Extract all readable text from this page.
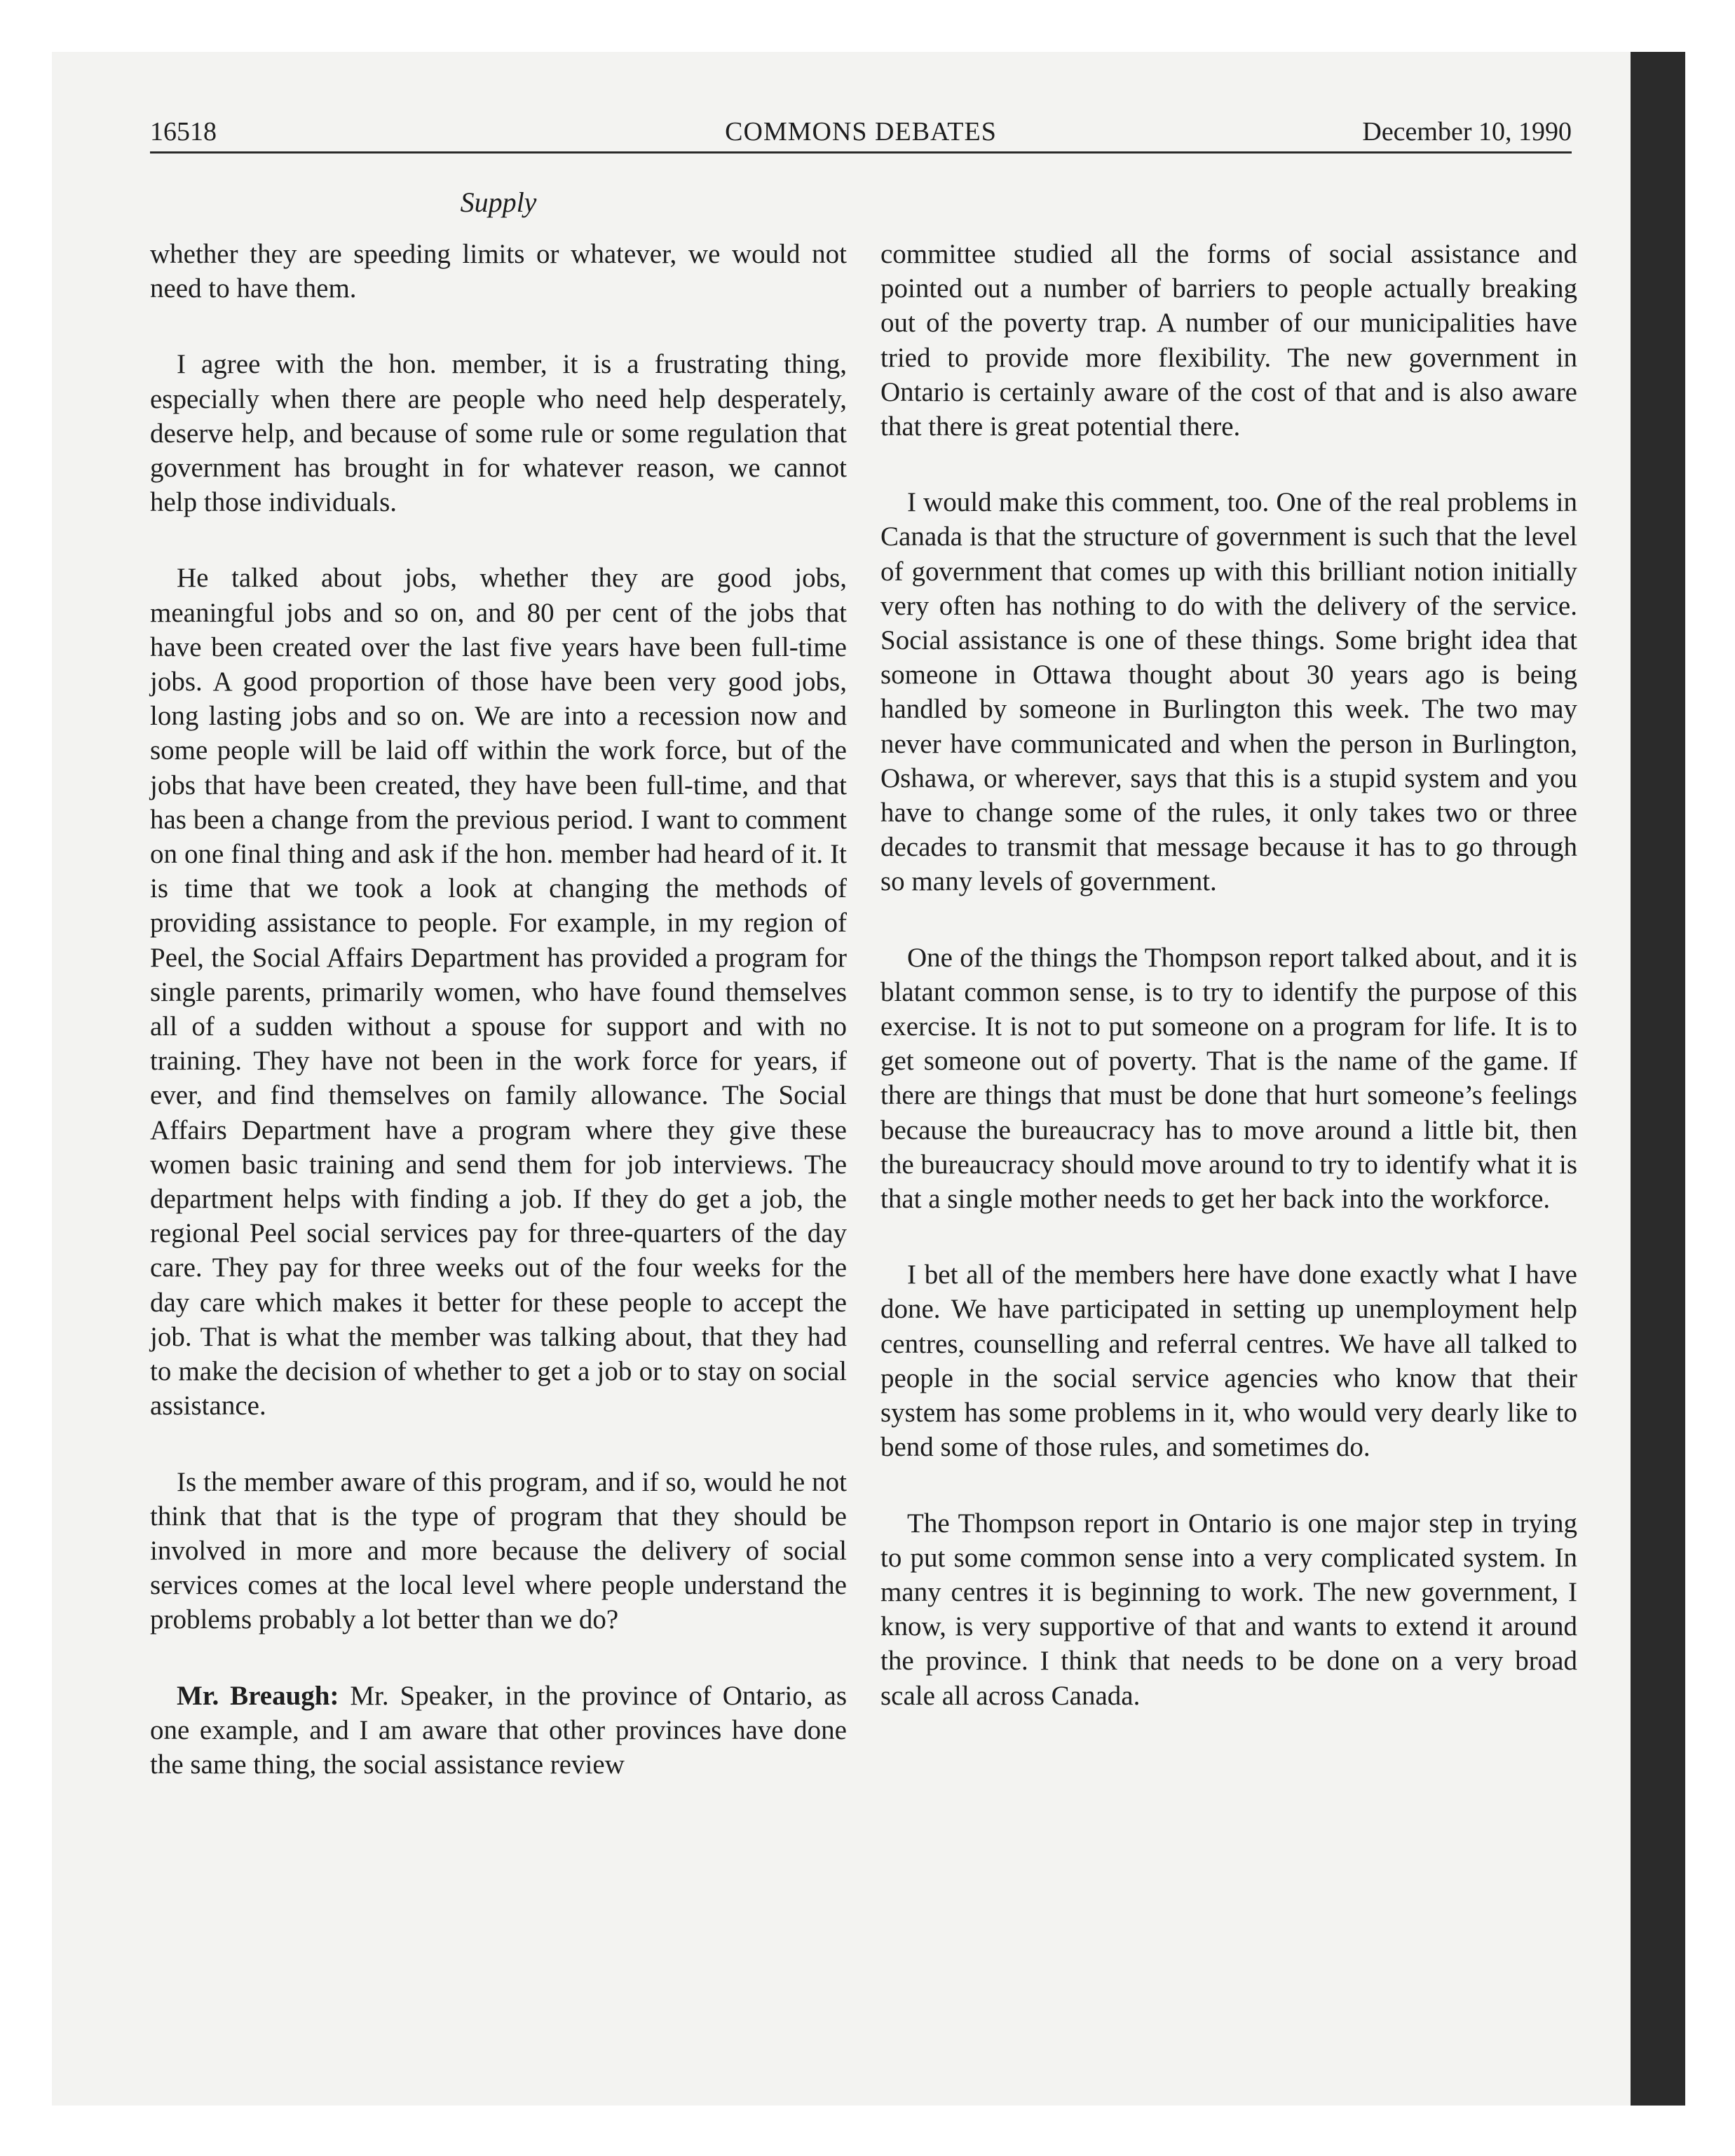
16518	COMMONS DEBATES	December 10, 1990
Supply

whether they are speeding limits or whatever, we would not need to have them.

I agree with the hon. member, it is a frustrating thing, especially when there are people who need help desperately, deserve help, and because of some rule or some regulation that government has brought in for whatever reason, we cannot help those individuals.

He talked about jobs, whether they are good jobs, meaningful jobs and so on, and 80 per cent of the jobs that have been created over the last five years have been full-time jobs. A good proportion of those have been very good jobs, long lasting jobs and so on. We are into a recession now and some people will be laid off within the work force, but of the jobs that have been created, they have been full-time, and that has been a change from the previous period. I want to comment on one final thing and ask if the hon. member had heard of it. It is time that we took a look at changing the methods of providing assistance to people. For example, in my region of Peel, the Social Affairs Department has provided a program for single parents, primarily women, who have found themselves all of a sudden without a spouse for support and with no training. They have not been in the work force for years, if ever, and find themselves on family allowance. The Social Affairs Department have a program where they give these women basic training and send them for job interviews. The department helps with finding a job. If they do get a job, the regional Peel social services pay for three-quarters of the day care. They pay for three weeks out of the four weeks for the day care which makes it better for these people to accept the job. That is what the member was talking about, that they had to make the decision of whether to get a job or to stay on social assistance.

Is the member aware of this program, and if so, would he not think that that is the type of program that they should be involved in more and more because the delivery of social services comes at the local level where people understand the problems probably a lot better than we do?

Mr. Breaugh: Mr. Speaker, in the province of Ontario, as one example, and I am aware that other provinces have done the same thing, the social assistance review

committee studied all the forms of social assistance and pointed out a number of barriers to people actually breaking out of the poverty trap. A number of our municipalities have tried to provide more flexibility. The new government in Ontario is certainly aware of the cost of that and is also aware that there is great potential there.

I would make this comment, too. One of the real problems in Canada is that the structure of government is such that the level of government that comes up with this brilliant notion initially very often has nothing to do with the delivery of the service. Social assistance is one of these things. Some bright idea that someone in Ottawa thought about 30 years ago is being handled by someone in Burlington this week. The two may never have communicated and when the person in Burlington, Oshawa, or wherever, says that this is a stupid system and you have to change some of the rules, it only takes two or three decades to transmit that message because it has to go through so many levels of government.

One of the things the Thompson report talked about, and it is blatant common sense, is to try to identify the purpose of this exercise. It is not to put someone on a program for life. It is to get someone out of poverty. That is the name of the game. If there are things that must be done that hurt someone’s feelings because the bureaucracy has to move around a little bit, then the bureaucracy should move around to try to identify what it is that a single mother needs to get her back into the workforce.

I bet all of the members here have done exactly what I have done. We have participated in setting up unemployment help centres, counselling and referral centres. We have all talked to people in the social service agencies who know that their system has some problems in it, who would very dearly like to bend some of those rules, and sometimes do.

The Thompson report in Ontario is one major step in trying to put some common sense into a very complicated system. In many centres it is beginning to work. The new government, I know, is very supportive of that and wants to extend it around the province. I think that needs to be done on a very broad scale all across Canada.
